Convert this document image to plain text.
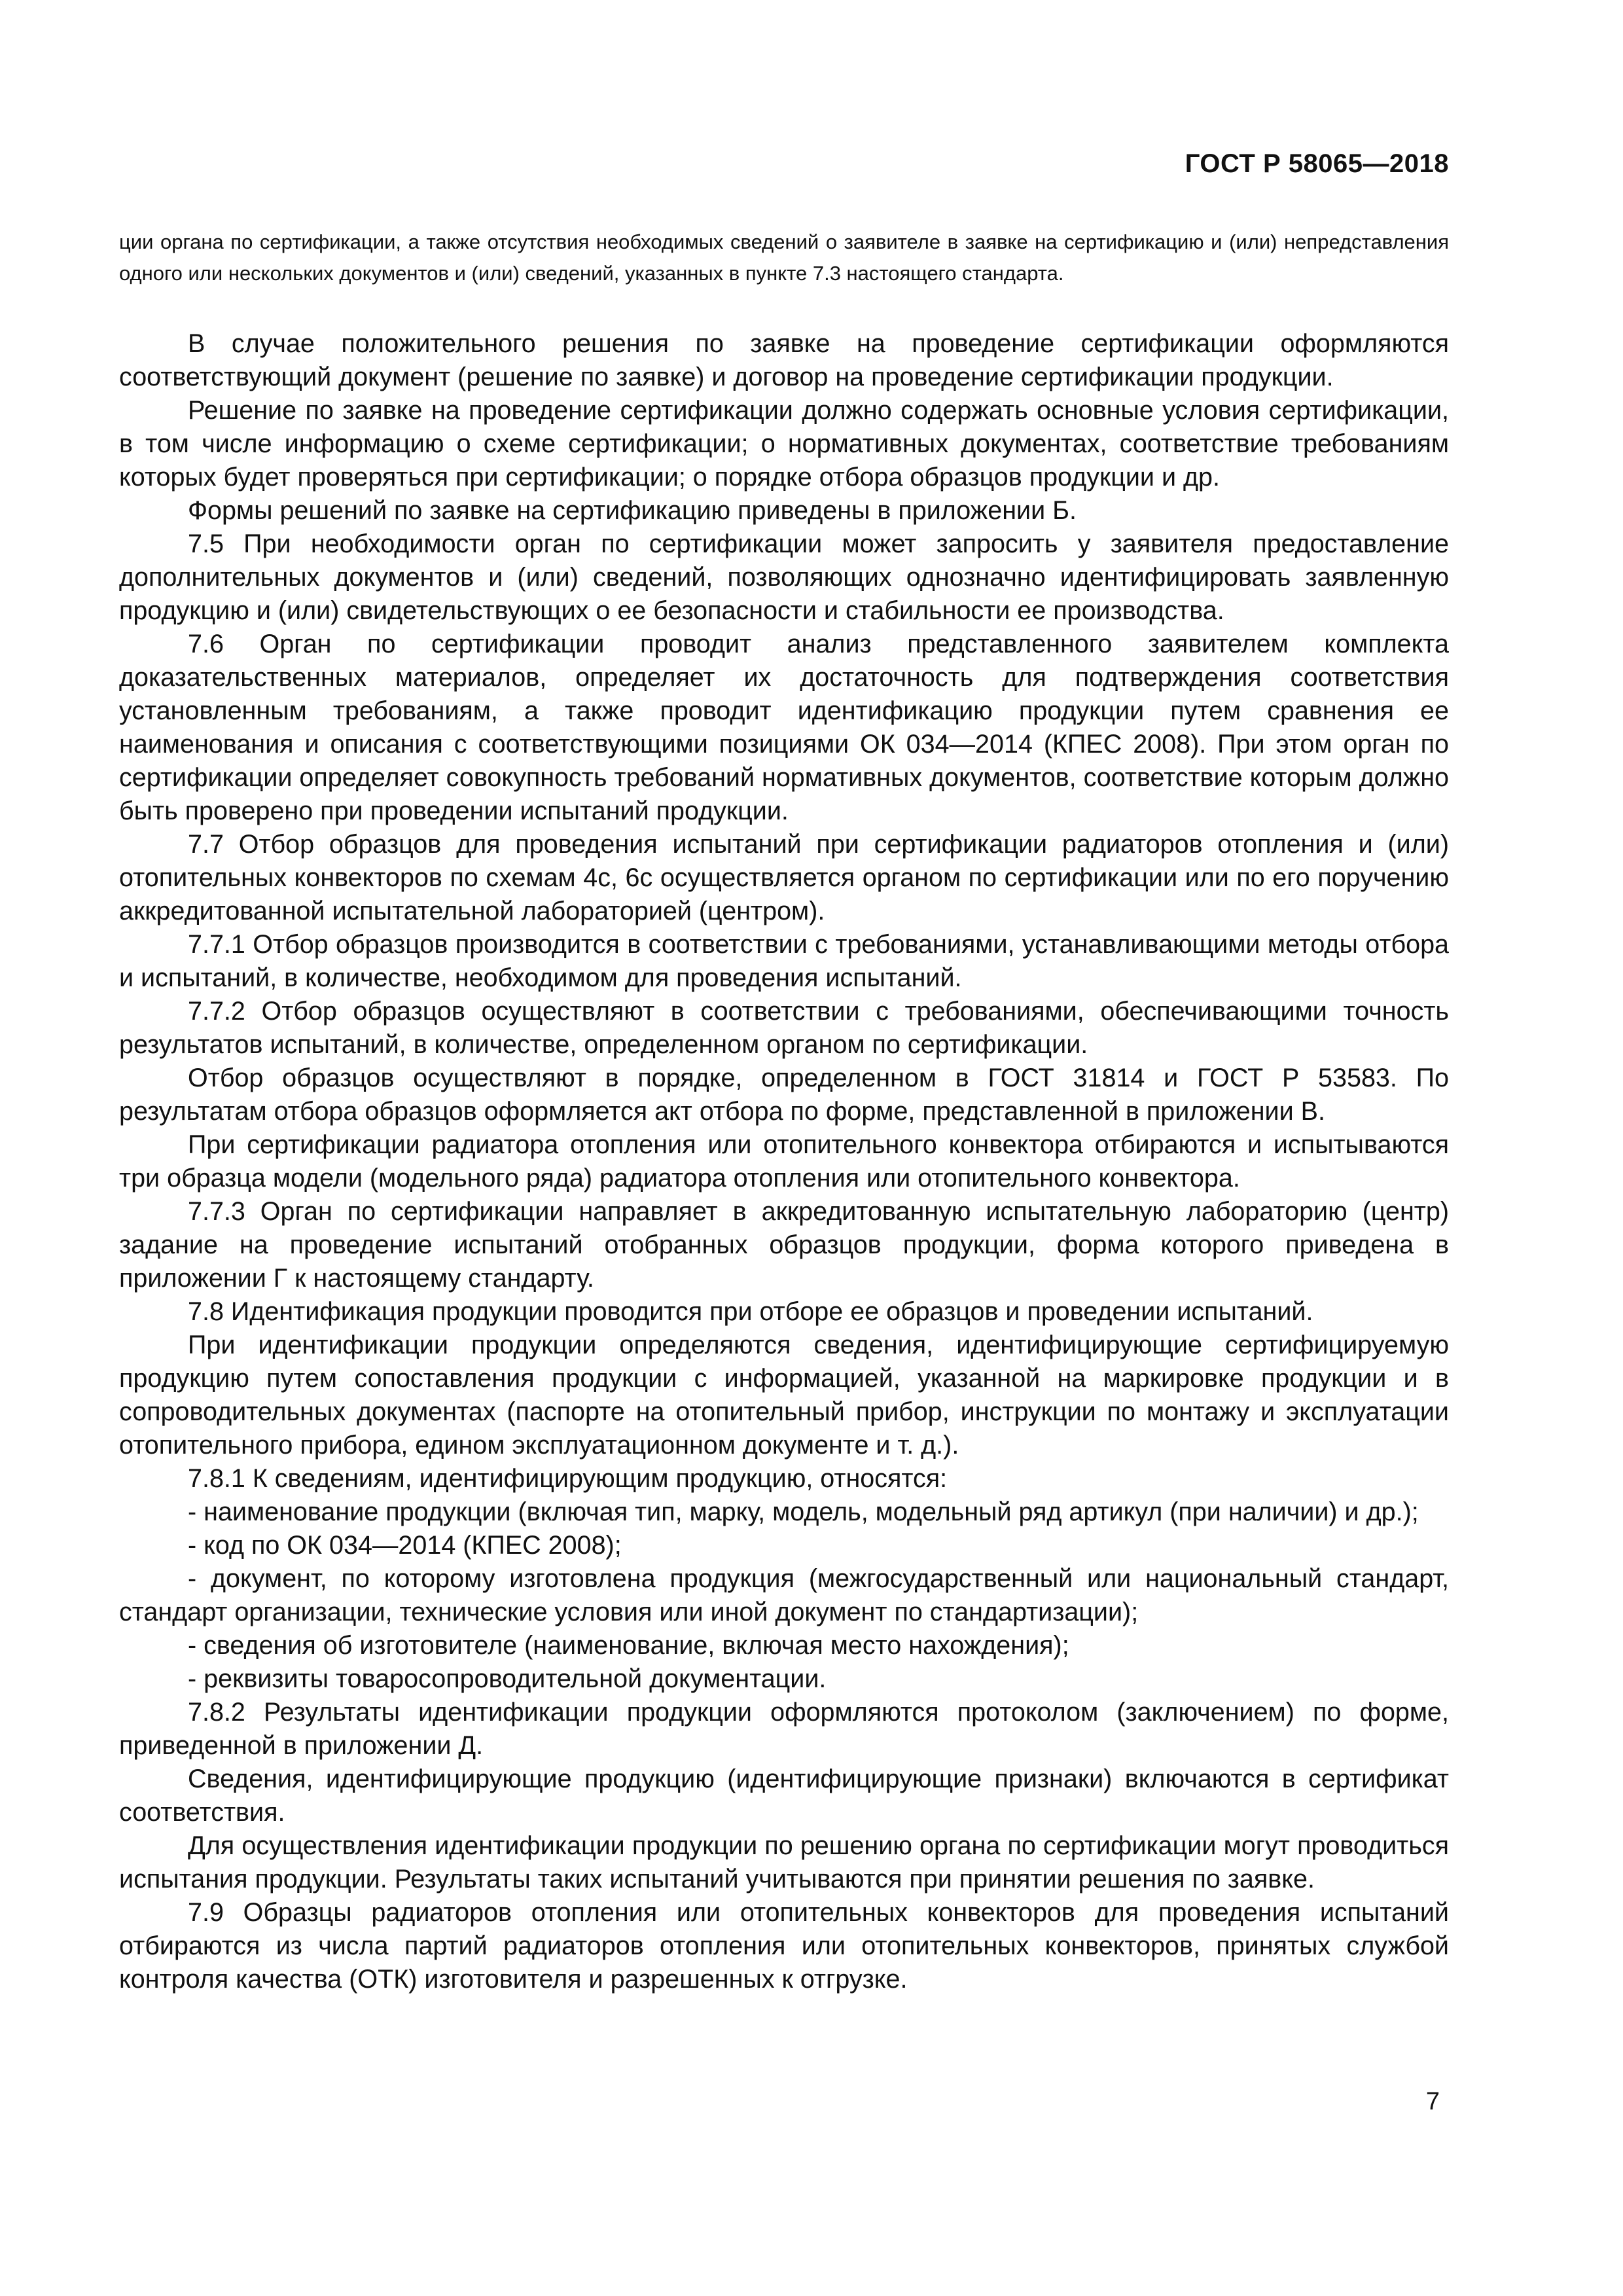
ГОСТ Р 58065—2018
ции органа по сертификации, а также отсутствия необходимых сведений о заявителе в заявке на сертификацию и (или) непредставления одного или нескольких документов и (или) сведений, указанных в пункте 7.3 настоящего стандарта.

В случае положительного решения по заявке на проведение сертификации оформляются соответствующий документ (решение по заявке) и договор на проведение сертификации продукции.

Решение по заявке на проведение сертификации должно содержать основные условия сертификации, в том числе информацию о схеме сертификации; о нормативных документах, соответствие требованиям которых будет проверяться при сертификации; о порядке отбора образцов продукции и др.

Формы решений по заявке на сертификацию приведены в приложении Б.

7.5 При необходимости орган по сертификации может запросить у заявителя предоставление дополнительных документов и (или) сведений, позволяющих однозначно идентифицировать заявленную продукцию и (или) свидетельствующих о ее безопасности и стабильности ее производства.

7.6 Орган по сертификации проводит анализ представленного заявителем комплекта доказательственных материалов, определяет их достаточность для подтверждения соответствия установленным требованиям, а также проводит идентификацию продукции путем сравнения ее наименования и описания с соответствующими позициями ОК 034—2014 (КПЕС 2008). При этом орган по сертификации определяет совокупность требований нормативных документов, соответствие которым должно быть проверено при проведении испытаний продукции.

7.7 Отбор образцов для проведения испытаний при сертификации радиаторов отопления и (или) отопительных конвекторов по схемам 4с, 6с осуществляется органом по сертификации или по его поручению аккредитованной испытательной лабораторией (центром).

7.7.1 Отбор образцов производится в соответствии с требованиями, устанавливающими методы отбора и испытаний, в количестве, необходимом для проведения испытаний.

7.7.2 Отбор образцов осуществляют в соответствии с требованиями, обеспечивающими точность результатов испытаний, в количестве, определенном органом по сертификации.

Отбор образцов осуществляют в порядке, определенном в ГОСТ 31814 и ГОСТ Р 53583. По результатам отбора образцов оформляется акт отбора по форме, представленной в приложении В.

При сертификации радиатора отопления или отопительного конвектора отбираются и испытываются три образца модели (модельного ряда) радиатора отопления или отопительного конвектора.

7.7.3 Орган по сертификации направляет в аккредитованную испытательную лабораторию (центр) задание на проведение испытаний отобранных образцов продукции, форма которого приведена в приложении Г к настоящему стандарту.

7.8 Идентификация продукции проводится при отборе ее образцов и проведении испытаний.

При идентификации продукции определяются сведения, идентифицирующие сертифицируемую продукцию путем сопоставления продукции с информацией, указанной на маркировке продукции и в сопроводительных документах (паспорте на отопительный прибор, инструкции по монтажу и эксплуатации отопительного прибора, едином эксплуатационном документе и т. д.).

7.8.1 К сведениям, идентифицирующим продукцию, относятся:

- наименование продукции (включая тип, марку, модель, модельный ряд артикул (при наличии) и др.);

- код по ОК 034—2014 (КПЕС 2008);

- документ, по которому изготовлена продукция (межгосударственный или национальный стандарт, стандарт организации, технические условия или иной документ по стандартизации);

- сведения об изготовителе (наименование, включая место нахождения);

- реквизиты товаросопроводительной документации.

7.8.2 Результаты идентификации продукции оформляются протоколом (заключением) по форме, приведенной в приложении Д.

Сведения, идентифицирующие продукцию (идентифицирующие признаки) включаются в сертификат соответствия.

Для осуществления идентификации продукции по решению органа по сертификации могут проводиться испытания продукции. Результаты таких испытаний учитываются при принятии решения по заявке.

7.9 Образцы радиаторов отопления или отопительных конвекторов для проведения испытаний отбираются из числа партий радиаторов отопления или отопительных конвекторов, принятых службой контроля качества (ОТК) изготовителя и разрешенных к отгрузке.

7
